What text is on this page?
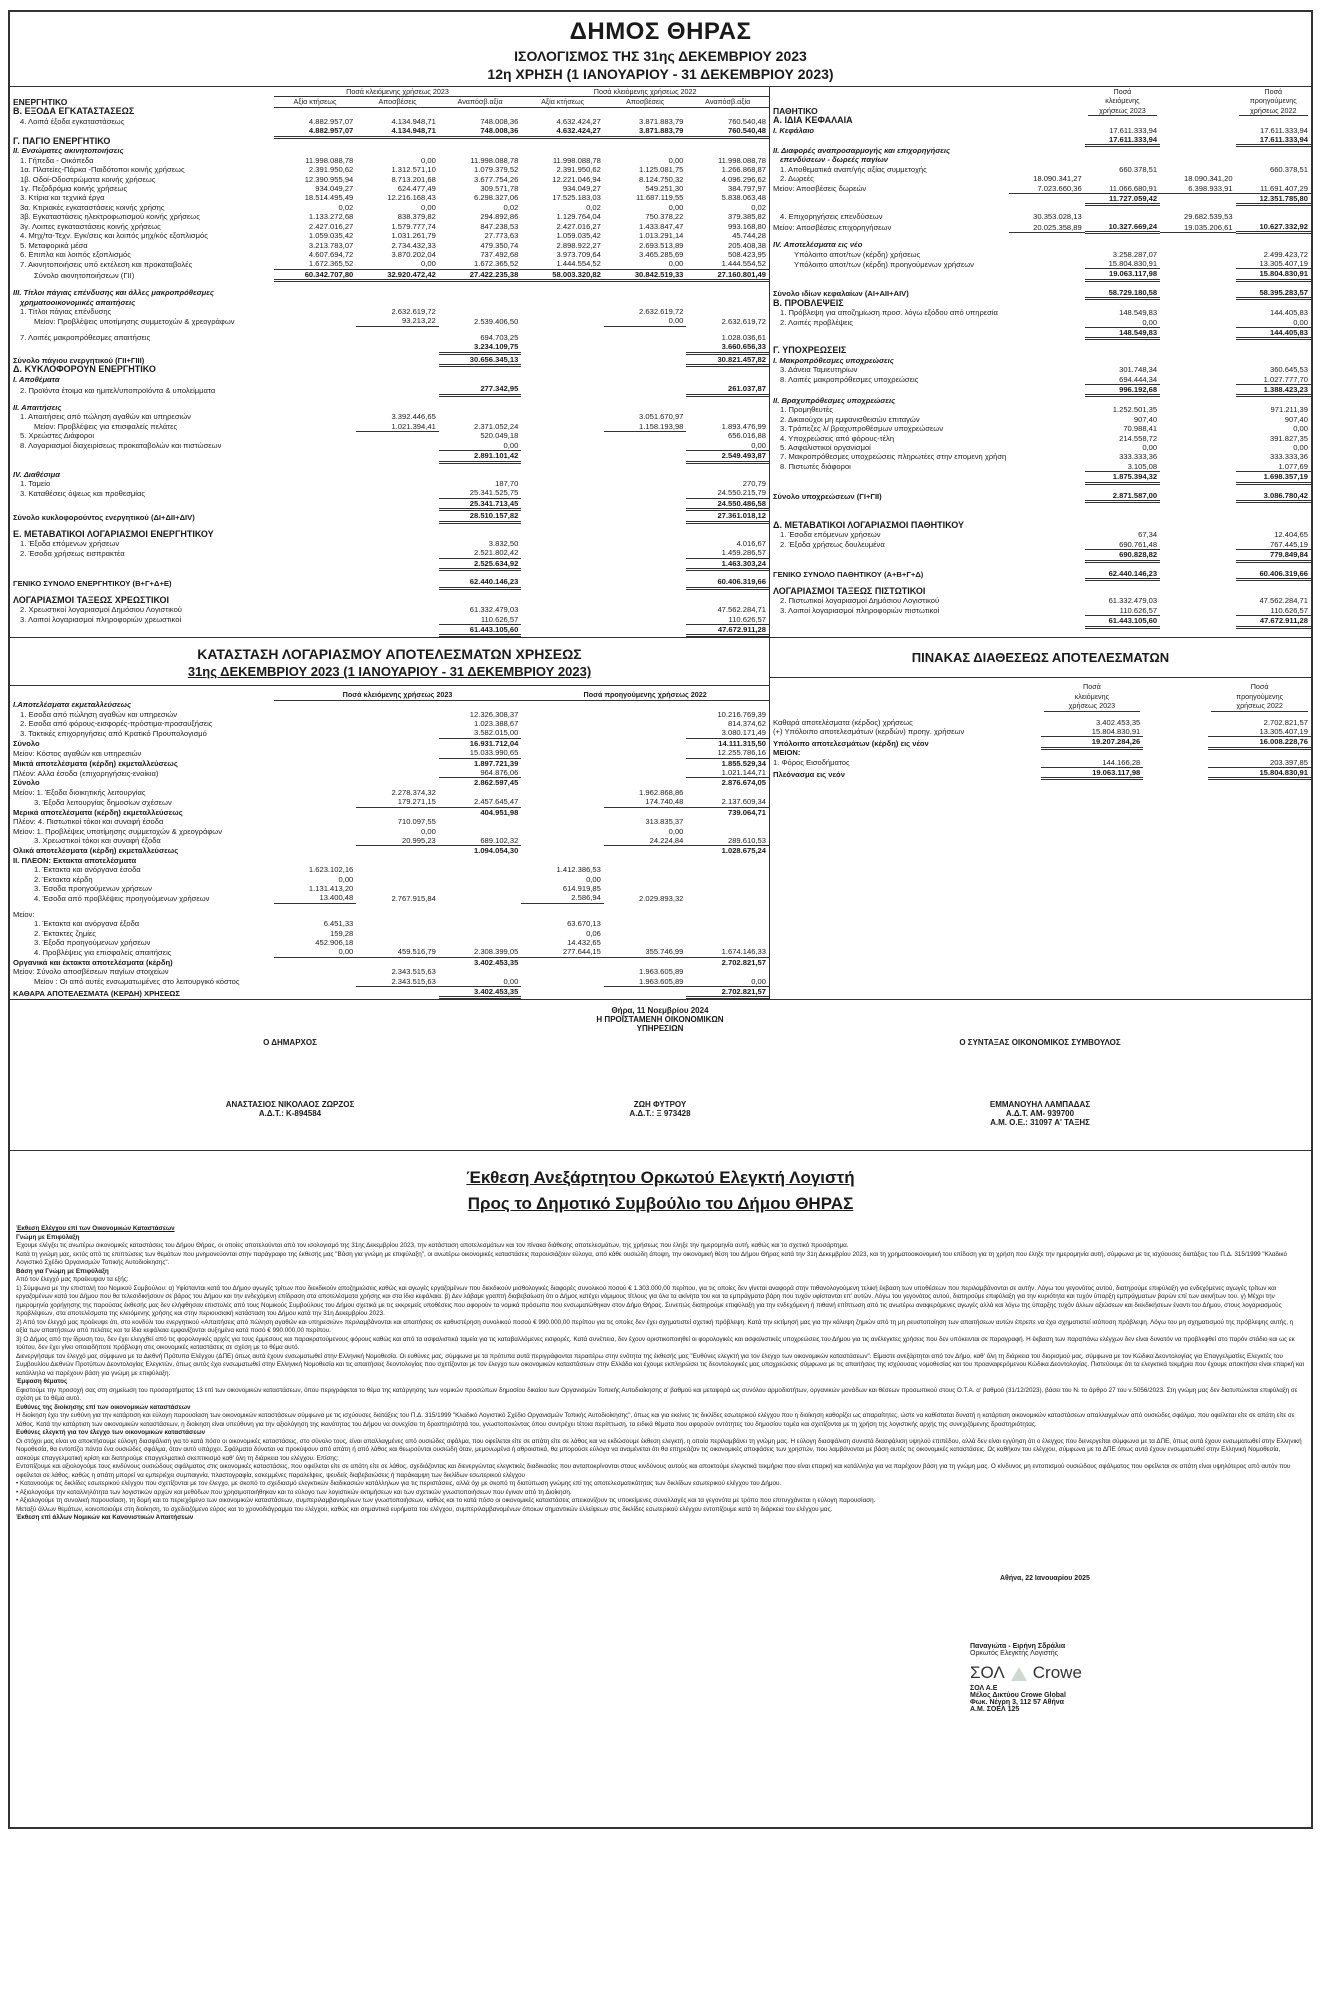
ΔΗΜΟΣ ΘΗΡΑΣ
ΙΣΟΛΟΓΙΣΜΟΣ ΤΗΣ 31ης ΔΕΚΕΜΒΡΙΟΥ 2023
12η ΧΡΗΣΗ (1 ΙΑΝΟΥΑΡΙΟΥ - 31 ΔΕΚΕΜΒΡΙΟΥ 2023)
ΕΝΕΡΓΗΤΙΚΟ	Ποσά κλειόμενης χρήσεως 2023			Ποσά κλειόμενης χρήσεως 2022		
	Αξία κτήσεως	Αποσβέσεις	Αναπόσβ.αξία	Αξία κτήσεως	Αποσβέσεις	Αναπόσβ.αξία
Β. ΕΞΟΔΑ ΕΓΚΑΤΑΣΤΑΣΕΩΣ						
4. Λοιπά έξοδα εγκαταστάσεως	4.882.957,07	4.134.948,71	748.008,36	4.632.424,27	3.871.883,79	760.540,48
	4.882.957,07	4.134.948,71	748.008,36	4.632.424,27	3.871.883,79	760.540,48
Γ. ΠΑΓΙΟ ΕΝΕΡΓΗΤΙΚΟ						
ΙΙ. Ενσώματες ακινητοποιήσεις						
1. Γήπεδα - Οικόπεδα	11.998.088,78	0,00	11.998.088,78	11.998.088,78	0,00	11.998.088,78
1α. Πλατείες-Πάρκα -Παιδότοποι κοινής χρήσεως	2.391.950,62	1.312.571,10	1.079.379,52	2.391.950,62	1.125.081,75	1.266.868,87
1β. Οδοί-Οδοστρώματα κοινής χρήσεως	12.390.955,94	8.713.201,68	3.677.754,26	12.221.046,94	8.124.750,32	4.096.296,62
1γ. Πεζοδρόμια κοινής χρήσεως	934.049,27	624.477,49	309.571,78	934.049,27	549.251,30	384.797,97
3. Κτίρια και τεχνικά έργα	18.514.495,49	12.216.168,43	6.298.327,06	17.525.183,03	11.687.119,55	5.838.063,48
3α. Κτιριακές εγκαταστάσεις κοινής χρήσης	0,02	0,00	0,02	0,02	0,00	0,02
3β. Εγκαταστάσεις ηλεκτροφωτισμού κοινής χρήσεως	1.133.272,68	838.379,82	294.892,86	1.129.764,04	750.378,22	379.385,82
3γ. Λοιπες εγκαταστάσεις κοινής χρήσεως	2.427.016,27	1.579.777,74	847.238,53	2.427.016,27	1.433.847,47	993.168,80
4. Μηχ/τα-Τεχν. Εγκ/σεις και λοιπός μηχ/κός εξοπλισμός	1.059.035,42	1.031.261,79	27.773,63	1.059.035,42	1.013.291,14	45.744,28
5. Μεταφορικά μέσα	3.213.783,07	2.734.432,33	479.350,74	2.898.922,27	2.693.513,89	205.408,38
6. Επιπλα και λοιπός εξοπλισμός	4.607.694,72	3.870.202,04	737.492,68	3.973.709,64	3.465.285,69	508.423,95
7. Ακινητοποιήσεις υπό εκτέλεση και προκαταβολές	1.672.365,52	0,00	1.672.365,52	1.444.554,52	0,00	1.444.554,52
Σύνολο ακινητοποιήσεων (ΓΙΙ)	60.342.707,80	32.920.472,42	27.422.235,38	58.003.320,82	30.842.519,33	27.160.801,49

ΙΙΙ. Τίτλοι πάγιας επένδυσης και άλλες μακροπρόθεσμες						
χρηματοοικονομικές απαιτήσεις						
1. Τίτλοι πάγιας επένδυσης		2.632.619,72			2.632.619,72	
Μείον: Προβλέψεις υποτίμησης συμμετοχών & χρεογράφων		93.213,22	2.539.406,50		0,00	2.632.619,72

7. Λοιπές μακροπρόθεσμες απαιτήσεις			694.703,25			1.028.036,61
			3.234.109,75			3.660.656,33
Σύνολο πάγιου ενεργητικού (ΓΙΙ+ΓΙΙΙ)			30.656.345,13			30.821.457,82
Δ. ΚΥΚΛΟΦΟΡΟΥΝ ΕΝΕΡΓΗΤΙΚΟ						
Ι. Αποθέματα						
2. Προϊόντα έτοιμα και ημιτελ/υποπροϊόντα & υπολείμματα			277.342,95			261.037,87

ΙΙ. Απαιτήσεις						
1. Απαιτήσεις από πώληση αγαθών και υπηρεσιών		3.392.446,65			3.051.670,97	
Μείον: Προβλέψεις για επισφαλείς πελάτες		1.021.394,41	2.371.052,24		1.158.193,98	1.893.476,99
5. Χρεώστες Διάφοροι			520.049,18			656.016,88
8. Λογαριασμοί διαχειρίσεως προκαταβολών και πιστώσεων			0,00			0,00
			2.891.101,42			2.549.493,87

ΙV. Διαθέσιμα						
1. Ταμείο			187,70			270,79
3. Καταθέσεις όψεως και προθεσμίας			25.341.525,75			24.550.215,79
			25.341.713,45			24.550.486,58
Σύνολο κυκλοφορούντος ενεργητικού (ΔΙ+ΔΙΙ+ΔΙV)			28.510.157,82			27.361.018,12

Ε. ΜΕΤΑΒΑΤΙΚΟΙ ΛΟΓΑΡΙΑΣΜΟΙ ΕΝΕΡΓΗΤΙΚΟΥ						
1. Έξοδα επόμενων χρήσεων			3.832,50			4.016,67
2. Έσοδα χρήσεως εισπρακτέα			2.521.802,42			1.459.286,57
			2.525.634,92			1.463.303,24

ΓΕΝΙΚΟ ΣΥΝΟΛΟ ΕΝΕΡΓΗΤΙΚΟΥ (Β+Γ+Δ+Ε)			62.440.146,23			60.406.319,66

ΛΟΓΑΡΙΑΣΜΟΙ ΤΑΞΕΩΣ ΧΡΕΩΣΤΙΚΟΙ						
2. Χρεωστικοί λογαριασμοί Δημόσιου Λογιστικού			61.332.479,03			47.562.284,71
3. Λοιποί λογαριασμοί πληροφοριών χρεωστικοί			110.626,57			110.626,57
			61.443.105,60			47.672.911,28
ΠΑΘΗΤΙΚΟ		
Ποσά
κλειόμενης
χρήσεως 2023

Ποσά
προηγούμενης
χρήσεως 2022

Α. ΙΔΙΑ ΚΕΦΑΛΑΙΑ				
Ι. Κεφάλαιο		17.611.333,94		17.611.333,94
		17.611.333,94		17.611.333,94
ΙΙ. Διαφορές αναπροσαρμογής και επιχορηγήσεις				
επενδύσεων - δωρεές παγίων				
1. Αποθεματικά αναπ/γής αξίας συμμετοχής		660.378,51		660.378,51
2. Δωρεές	18.090.341,27		18.090.341,20	
Μείον: Αποσβέσεις δωρεών	7.023.660,36	11.066.680,91	6.398.933,91	11.691.407,29
		11.727.059,42		12.351.785,80

4. Επιχορηγήσεις επενδύσεων	30.353.028,13		29.682.539,53	
Μείον: Αποσβέσεις επιχορηγήσεων	20.025.358,89	10.327.669,24	19.035.206,61	10.627.332,92

ΙV. Αποτελέσματα εις νέο				
Υπόλοιπο αποτ/των (κέρδη) χρήσεως		3.258.287,07		2.499.423,72
Υπόλοιπο αποτ/των (κέρδη) προηγούμενων χρήσεων		15.804.830,91		13.305.407,19
		19.063.117,98		15.804.830,91

Σύνολο ιδίων κεφαλαίων (ΑΙ+ΑΙΙ+ΑΙV)		58.729.180,58		58.395.283,57
Β. ΠΡΟΒΛΕΨΕΙΣ				
1. Πρόβλεψη για αποζημίωση προσ. λόγω εξόδου από υπηρεσία		148.549,83		144.405,83
2. Λοιπές προβλέψεις		0,00		0,00
		148.549,83		144.405,83

Γ. ΥΠΟΧΡΕΩΣΕΙΣ				
Ι. Μακροπρόθεσμες υποχρεώσεις				
3. Δάνεια Ταμιευτηρίων		301.748,34		360.645,53
8. Λοιπές μακροπρόθεσμες υποχρεώσεις		694.444,34		1.027.777,70
		996.192,68		1.388.423,23
ΙΙ. Βραχυπρόθεσμες υποχρεώσεις				
1. Προμηθευτές		1.252.501,35		971.211,39
2. Δικαιούχοι μη εμφανισθεισών επιταγών		907,40		907,40
3. Τράπεζες λ/ βραχυπροθέσμων υποχρεώσεων		70.988,41		0,00
4. Υποχρεώσεις από φόρους-τέλη		214.558,72		391.827,35
5. Ασφαλιστικοί οργανισμοί		0,00		0,00
7. Μακροπρόθεσμες υποχρεώσεις πληρωτέες στην επομενη χρήση		333.333,36		333.333,36
8. Πιστωτές διάφοροι		3.105,08		1.077,69
		1.875.394,32		1.698.357,19

Σύνολο υποχρεώσεων (ΓΙ+ΓΙΙ)		2.871.587,00		3.086.780,42

Δ. ΜΕΤΑΒΑΤΙΚΟΙ ΛΟΓΑΡΙΑΣΜΟΙ ΠΑΘΗΤΙΚΟΥ				
1. Έσοδα επόμενων χρήσεων		67,34		12.404,65
2. Έξοδα χρήσεως δουλευμένα		690.761,48		767.445,19
		690.828,82		779.849,84

ΓΕΝΙΚΟ ΣΥΝΟΛΟ ΠΑΘΗΤΙΚΟΥ (Α+Β+Γ+Δ)		62.440.146,23		60.406.319,66

ΛΟΓΑΡΙΑΣΜΟΙ ΤΑΞΕΩΣ ΠΙΣΤΩΤΙΚΟΙ				
2. Πιστωτικοί λογαριασμοί Δημόσιου Λογιστικού		61.332.479,03		47.562.284,71
3. Λοιποί λογαριασμοί πληροφοριών πιστωτικοί		110.626,57		110.626,57
		61.443.105,60		47.672.911,28
ΚΑΤΑΣΤΑΣΗ ΛΟΓΑΡΙΑΣΜΟΥ ΑΠΟΤΕΛΕΣΜΑΤΩΝ ΧΡΗΣΕΩΣ
31ης ΔΕΚΕΜΒΡΙΟΥ 2023 (1 ΙΑΝΟΥΑΡΙΟΥ - 31 ΔΕΚΕΜΒΡΙΟΥ 2023)
	Ποσά κλειόμενης χρήσεως 2023			Ποσά προηγούμενης χρήσεως 2022		
Ι.Αποτελέσματα εκμεταλλεύσεως						
1. Εσοδα από πώληση αγαθών και υπηρεσιών			12.326.308,37			10.216.769,39
2. Εσοδα από φόρους-εισφορές-πρόστιμα-προσαυξήσεις			1.023.388,67			814.374,62
3. Τακτικές επιχορηγήσεις από Κρατικό Προυπολογισμό			3.582.015,00			3.080.171,49
Σύνολο			16.931.712,04			14.111.315,50
Μείον: Κόστος αγαθών και υπηρεσιών			15.033.990,65			12.255.786,16
Μικτά αποτελέσματα (κέρδη) εκμεταλλεύσεως			1.897.721,39			1.855.529,34
Πλέον: Αλλα έσοδα (επιχορηγήσεις-ενοίκια)			964.876,06			1.021.144,71
Σύνολο			2.862.597,45			2.876.674,05
Μείον: 1. Έξοδα διοικητικής λειτουργίας		2.278.374,32			1.962.868,86	
3. Έξοδα λειτουργίας δημοσίων σχέσεων		179.271,15	2.457.645,47		174.740,48	2.137.609,34
Μερικά αποτελέσματα (κέρδη) εκμεταλλεύσεως			404.951,98			739.064,71
Πλέον: 4. Πιστωτικοί τόκοι και συναφή έσοδα		710.097,55			313.835,37	
Μείον: 1. Προβλέψεις υποτίμησης συμμετοχών & χρεογράφων		0,00			0,00	
3. Χρεωστικοί τόκοι και συναφή έξοδα		20.995,23	689.102,32		24.224,84	289.610,53
Ολικά αποτελέσματα (κέρδη) εκμεταλλεύσεως			1.094.054,30			1.028.675,24
ΙΙ. ΠΛΕΟΝ: Εκτακτα αποτελέσματα						
1. Έκτακτα και ανόργανα έσοδα	1.623.102,16			1.412.386,53		
2. Έκτακτα κέρδη	0,00			0,00		
3. Έσοδα προηγούμενων χρήσεων	1.131.413,20			614.919,85		
4. Έσοδα από προβλέψεις προηγούμενων χρήσεων	13.400,48	2.767.915,84		2.586,94	2.029.893,32	

Μείον:						
1. Έκτακτα και ανόργανα έξοδα	6.451,33			63.670,13		
2. Έκτακτες ζημίες	159,28			0,06		
3. Έξοδα προηγούμενων χρήσεων	452.906,18			14.432,65		
4. Προβλέψεις για επισφαλείς απαιτήσεις	0,00	459.516,79	2.308.399,05	277.644,15	355.746,99	1.674.146,33
Οργανικά και έκτακτα αποτελέσματα (κέρδη)			3.402.453,35			2.702.821,57
Μείον: Σύνολο αποσβέσεων παγίων στοιχείων		2.343.515,63			1.963.605,89	
Μείον : Οι από αυτές ενσωματωμένες στο λειτουργικό κόστος		2.343.515,63	0,00		1.963.605,89	0,00
ΚΑΘΑΡΑ ΑΠΟΤΕΛΕΣΜΑΤΑ (ΚΕΡΔΗ) ΧΡΗΣΕΩΣ			3.402.453,35			2.702.821,57
ΠΙΝΑΚΑΣ ΔΙΑΘΕΣΕΩΣ ΑΠΟΤΕΛΕΣΜΑΤΩΝ

Ποσά
κλειόμενης
χρήσεως 2023

Ποσά
προηγούμενης
χρήσεως 2022

Καθαρά αποτελέσματα (κέρδος) χρήσεως	3.402.453,35		2.702.821,57
(+) Υπόλοιπο αποτελεσμάτων (κερδών) προηγ. χρήσεων	15.804.830,91		13.305.407,19
Υπόλοιπο αποτελεσμάτων (κέρδη) εις νέον	19.207.284,26		16.008.228,76
ΜΕΙΟΝ:			
1. Φόρος Εισοδήματος	144.166,28		203.397,85
Πλεόνασμα εις νεόν	19.063.117,98		15.804.830,91
Θήρα, 11 Νοεμβρίου 2024
Η ΠΡΟΪΣΤΑΜΕΝΗ ΟΙΚΟΝΟΜΙΚΩΝ
ΥΠΗΡΕΣΙΩΝ
Ο ΔΗΜΑΡΧΟΣ	Ο ΣΥΝΤΑΞΑΣ ΟΙΚΟΝΟΜΙΚΟΣ ΣΥΜΒΟΥΛΟΣ
ΑΝΑΣΤΑΣΙΟΣ ΝΙΚΟΛΑΟΣ ΖΩΡΖΟΣ
Α.Δ.Τ.: Κ-894584
ΖΩΗ ΦΥΤΡΟΥ
Α.Δ.Τ.: Ξ 973428
ΕΜΜΑΝΟΥΗΛ ΛΑΜΠΑΔΑΣ
Α.Δ.Τ. ΑΜ- 939700
Α.Μ. Ο.Ε.: 31097 Α' ΤΑΞΗΣ
Έκθεση Ανεξάρτητου Ορκωτού Ελεγκτή Λογιστή
Προς το Δημοτικό Συμβούλιο του Δήμου ΘΗΡΑΣ

Έκθεση Ελέγχου επί των Οικονομικών Καταστάσεων

Γνώμη με Επιφύλαξη

Έχουμε ελέγξει τις ανωτέρω οικονομικές καταστάσεις του Δήμου Θήρας, οι οποίες αποτελούνται από τον ισολογισμό της 31ης Δεκεμβρίου 2023, την κατάσταση αποτελεσμάτων και τον πίνακα διάθεσης αποτελεσμάτων, της χρήσεως που έληξε την ημερομηνία αυτή, καθώς και το σχετικό προσάρτημα.

Κατά τη γνώμη μας, εκτός από τις επιπτώσεις των θεμάτων που μνημονεύονται στην παράγραφο της έκθεσής μας "Βάση για γνώμη με επιφύλαξη", οι ανωτέρω οικονομικές καταστάσεις παρουσιάζουν εύλογα, από κάθε ουσιώδη άποψη, την οικονομική θέση του Δήμου Θήρας κατά την 31η Δεκεμβρίου 2023, και τη χρηματοοικονομική του επίδοση για τη χρήση που έληξε την ημερομηνία αυτή, σύμφωνα με τις ισχύουσες διατάξεις του Π.Δ. 315/1999 "Κλαδικό Λογιστικό Σχέδιο Οργανισμών Τοπικής Αυτοδιοίκησης".

Βάση για Γνώμη με Επιφύλαξη

Από τον έλεγχό μας προέκυψαν τα εξής:

1) Σύμφωνα με την επιστολή του Νομικού Συμβούλου: α) Υφίστανται κατά του Δήμου αγωγές τρίτων που διεκδικούν αποζημιώσεις καθώς και αγωγές εργαζομένων που διεκδικούν μισθολογικές διαφορές συνολικού ποσού € 1.303.000,00 περίπου, για τις οποίες δεν γίνεται αναφορά στην πιθανολογούμενη τελική έκβαση των υποθέσεων που περιλαμβάνονται σε αυτήν. Λόγω του γεγονότος αυτού, διατηρούμε επιφύλαξη για ενδεχόμενες αγωγές τρίτων και εργαζομένων κατά του Δήμου που θα τελεσιδικήσουν σε βάρος του Δήμου και την ενδεχόμενη επίδραση στα αποτελέσματα χρήσης και στα ίδια κεφάλαια. β) Δεν λάβαμε γραπτή διαβεβαίωση ότι ο Δήμος κατέχει νόμιμους τίτλους για όλα τα ακίνητα του και τα εμπράγματα βάρη που τυχόν υφίστανται επ' αυτών. Λόγω του γεγονότος αυτού, διατηρούμε επιφύλαξη για την κυριότητα και τυχόν ύπαρξη εμπράγματων βαρών επί των ακινήτων του. γ) Μέχρι την ημερομηνία χορήγησης της παρούσας έκθεσής μας δεν ελήφθησαν επιστολές από τους Νομικούς Συμβούλους του Δήμου σχετικά με τις εκκρεμείς υποθέσεις που αφορούν τα νομικά πρόσωπα που ενσωματώθηκαν στον Δήμο Θήρας. Συνεπώς διατηρούμε επιφύλαξη για την ενδεχόμενη ή πιθανή επίπτωση από τις ανωτέρω αναφερόμενες αγωγές αλλά και λόγω της ύπαρξης τυχόν άλλων αξιώσεων και διεκδικήσεων έναντι του Δήμου, στους λογαριασμούς προβλέψεων, στα αποτελέσματα της κλειόμενης χρήσης και στην περιουσιακή κατάσταση του Δήμου κατά την 31η Δεκεμβρίου 2023.

2) Από τον έλεγχό μας προέκυψε ότι, στο κονδύλι του ενεργητικού «Απαιτήσεις από πώληση αγαθών και υπηρεσιών» περιλαμβάνονται και απαιτήσεις σε καθυστέρηση συνολικού ποσού € 990.000,00 περίπου για τις οποίες δεν έχει σχηματιστεί σχετική πρόβλεψη. Κατά την εκτίμησή μας για την κάλυψη ζημιών από τη μη ρευστοποίηση των απαιτήσεων αυτών έπρεπε να έχει σχηματιστεί ισόποση πρόβλεψη. Λόγω του μη σχηματισμού της πρόβλεψης αυτής, η αξία των απαιτήσεων από πελάτες και τα ίδια κεφάλαια εμφανίζονται αυξημένα κατά ποσό € 990.000,00 περίπου.

3) Ο Δήμος από την ίδρυση του, δεν έχει ελεγχθεί από τις φορολογικές αρχές για τους έμμεσους και παρακρατούμενους φόρους καθώς και από τα ασφαλιστικά ταμεία για τις καταβαλλόμενες εισφορές. Κατά συνέπεια, δεν έχουν οριστικοποιηθεί οι φορολογικές και ασφαλιστικές υποχρεώσεις του Δήμου για τις ανέλεγκτες χρήσεις που δεν υπόκεινται σε παραγραφή. Η έκβαση των παραπάνω ελέγχων δεν είναι δυνατόν να προβλεφθεί στο παρόν στάδιο και ως εκ τούτου, δεν έχει γίνει οποιαδήποτε πρόβλεψη στις οικονομικές καταστάσεις σε σχέση με το θέμα αυτό.

Διενεργήσαμε τον έλεγχό μας σύμφωνα με τα Διεθνή Πρότυπα Ελέγχου (ΔΠΕ) όπως αυτά έχουν ενσωματωθεί στην Ελληνική Νομοθεσία. Οι ευθύνες μας, σύμφωνα με τα πρότυπα αυτά περιγράφονται περαιτέρω στην ενότητα της έκθεσής μας "Ευθύνες ελεγκτή για τον έλεγχο των οικονομικών καταστάσεων". Είμαστε ανεξάρτητοι από τον Δήμο, καθ' όλη τη διάρκεια του διορισμού μας, σύμφωνα με τον Κώδικα Δεοντολογίας για Επαγγελματίες Ελεγκτές του Συμβουλίου Διεθνών Προτύπων Δεοντολογίας Ελεγκτών, όπως αυτός έχει ενσωματωθεί στην Ελληνική Νομοθεσία και τις απαιτήσεις δεοντολογίας που σχετίζονται με τον έλεγχο των οικονομικών καταστάσεων στην Ελλάδα και έχουμε εκπληρώσει τις δεοντολογικές μας υποχρεώσεις σύμφωνα με τις απαιτήσεις της ισχύουσας νομοθεσίας και του προαναφερόμενου Κώδικα Δεοντολογίας. Πιστεύουμε ότι τα ελεγκτικά τεκμήρια που έχουμε αποκτήσει είναι επαρκή και κατάλληλα να παρέχουν βάση για γνώμη με επιφύλαξη.

Έμφαση θέματος

Εφιστούμε την προσοχή σας στη σημείωση του προσαρτήματος 13 επί των οικονομικών καταστάσεων, όπου περιγράφεται το θέμα της κατάργησης των νομικών προσώπων δημοσίου δικαίου των Οργανισμών Τοπικής Αυτοδιοίκησης α' βαθμού και μεταφορά ως συνόλου αρμοδιοτήτων, οργανικών μονάδων και θέσεων προσωπικού στους Ο.Τ.Α. α' βαθμού (31/12/2023), βάσει του Ν. το άρθρο 27 του ν.5056/2023. Στη γνώμη μας δεν διατυπώνεται επιφύλαξη σε σχέση με το θέμα αυτό.

Ευθύνες της διοίκησης επί των οικονομικών καταστάσεων

Η διοίκηση έχει την ευθύνη για την κατάρτιση και εύλογη παρουσίαση των οικονομικών καταστάσεων σύμφωνα με τις ισχύουσες διατάξεις του Π.Δ. 315/1999 "Κλαδικό Λογιστικό Σχέδιο Οργανισμών Τοπικής Αυτοδιοίκησης", όπως και για εκείνες τις δικλίδες εσωτερικού ελέγχου που η διοίκηση καθορίζει ως απαραίτητες, ώστε να καθίσταται δυνατή η κατάρτιση οικονομικών καταστάσεων απαλλαγμένων από ουσιώδες σφάλμα, που οφείλεται είτε σε απάτη είτε σε λάθος. Κατά την κατάρτιση των οικονομικών καταστάσεων, η διοίκηση είναι υπεύθυνη για την αξιολόγηση της ικανότητας του Δήμου να συνεχίσει τη δραστηριότητά του, γνωστοποιώντας όπου συντρέχει τέτοια περίπτωση, τα ειδικά θέματα που αφορούν οντότητες του δημοσίου τομέα και σχετίζονται με τη χρήση της λογιστικής αρχής της συνεχιζόμενης δραστηριότητας.

Ευθύνες ελεγκτή για τον έλεγχο των οικονομικών καταστάσεων

Οι στόχοι μας είναι να αποκτήσουμε εύλογη διασφάλιση για το κατά πόσο οι οικονομικές καταστάσεις, στο σύνολο τους, είναι απαλλαγμένες από ουσιώδες σφάλμα, που οφείλεται είτε σε απάτη είτε σε λάθος και να εκδώσουμε έκθεση ελεγκτή, η οποία περιλαμβάνει τη γνώμη μας. Η εύλογη διασφάλιση συνιστά διασφάλιση υψηλού επιπέδου, αλλά δεν είναι εγγύηση ότι ο έλεγχος που διενεργείται σύμφωνα με τα ΔΠΕ, όπως αυτά έχουν ενσωματωθεί στην Ελληνική Νομοθεσία, θα εντοπίζει πάντα ένα ουσιώδες σφάλμα, όταν αυτό υπάρχει. Σφάλματα δύναται να προκύψουν από απάτη ή από λάθος και θεωρούνται ουσιώδη όταν, μεμονωμένα ή αθροιστικά, θα μπορούσε εύλογα να αναμένεται ότι θα επηρεάζαν τις οικονομικές αποφάσεις των χρηστών, που λαμβάνονται με βάση αυτές τις οικονομικές καταστάσεις. Ως καθήκον του ελέγχου, σύμφωνα με τα ΔΠΕ όπως αυτά έχουν ενσωματωθεί στην Ελληνική Νομοθεσία, ασκούμε επαγγελματική κρίση και διατηρούμε επαγγελματικό σκεπτικισμό καθ' όλη τη διάρκεια του ελέγχου. Επίσης:

Εντοπίζουμε και αξιολογούμε τους κινδύνους ουσιώδους σφάλματος στις οικονομικές καταστάσεις, που οφείλεται είτε σε απάτη είτε σε λάθος, σχεδιάζοντας και διενεργώντας ελεγκτικές διαδικασίες που ανταποκρίνονται στους κινδύνους αυτούς και αποκτούμε ελεγκτικά τεκμήρια που είναι επαρκή και κατάλληλα για να παρέχουν βάση για τη γνώμη μας. Ο κίνδυνος μη εντοπισμού ουσιώδους σφάλματος που οφείλεται σε απάτη είναι υψηλότερος από αυτόν που οφείλεται σε λάθος, καθώς η απάτη μπορεί να εμπεριέχει συμπαιγνία, πλαστογραφία, εσκεμμένες παραλείψεις, ψευδείς διαβεβαιώσεις ή παράκαμψη των δικλίδων εσωτερικού ελέγχου

• Κατανοούμε τις δικλίδες εσωτερικού ελέγχου που σχετίζονται με τον έλεγχο, με σκοπό το σχεδιασμό ελεγκτικών διαδικασιών κατάλληλων για τις περιστάσεις, αλλά όχι με σκοπό τη διατύπωση γνώμης επί της αποτελεσματικότητας των δικλίδων εσωτερικού ελέγχου του Δήμου.

• Αξιολογούμε την καταλληλότητα των λογιστικών αρχών και μεθόδων που χρησιμοποιήθηκαν και το εύλογο των λογιστικών εκτιμήσεων και των σχετικών γνωστοποιήσεων που έγιναν από τη Διοίκηση.

• Αξιολογούμε τη συνολική παρουσίαση, τη δομή και το περιεχόμενο των οικονομικών καταστάσεων, συμπεριλαμβανομένων των γνωστοποιήσεων, καθώς και το κατά πόσο οι οικονομικές καταστάσεις απεικονίζουν τις υποκείμενες συναλλαγές και τα γεγονότα με τρόπο που επιτυγχάνεται η εύλογη παρουσίαση.

Μεταξύ άλλων θεμάτων, κοινοποιούμε στη διοίκηση, το σχεδιαζόμενο εύρος και το χρονοδιάγραμμα του ελέγχου, καθώς και σημαντικά ευρήματα του ελέγχου, συμπεριλαμβανομένων όποιων σημαντικών ελλείψεων στις δικλίδες εσωτερικού ελέγχου εντοπίζουμε κατά τη διάρκεια του ελέγχου μας.

Έκθεση επί άλλων Νομικών και Κανονιστικών Απαιτήσεων

Αθήνα, 22 Ιανουαρίου 2025
Παναγιώτα - Ειρήνη Σδράλια
Ορκωτός Ελεγκτής Λογιστής
ΣΟΛ Crowe
ΣΟΛ Α.Ε
Μέλος Δικτύου Crowe Global
Φωκ. Νέγρη 3, 112 57 Αθήνα
Α.Μ. ΣΟΕΛ 125
